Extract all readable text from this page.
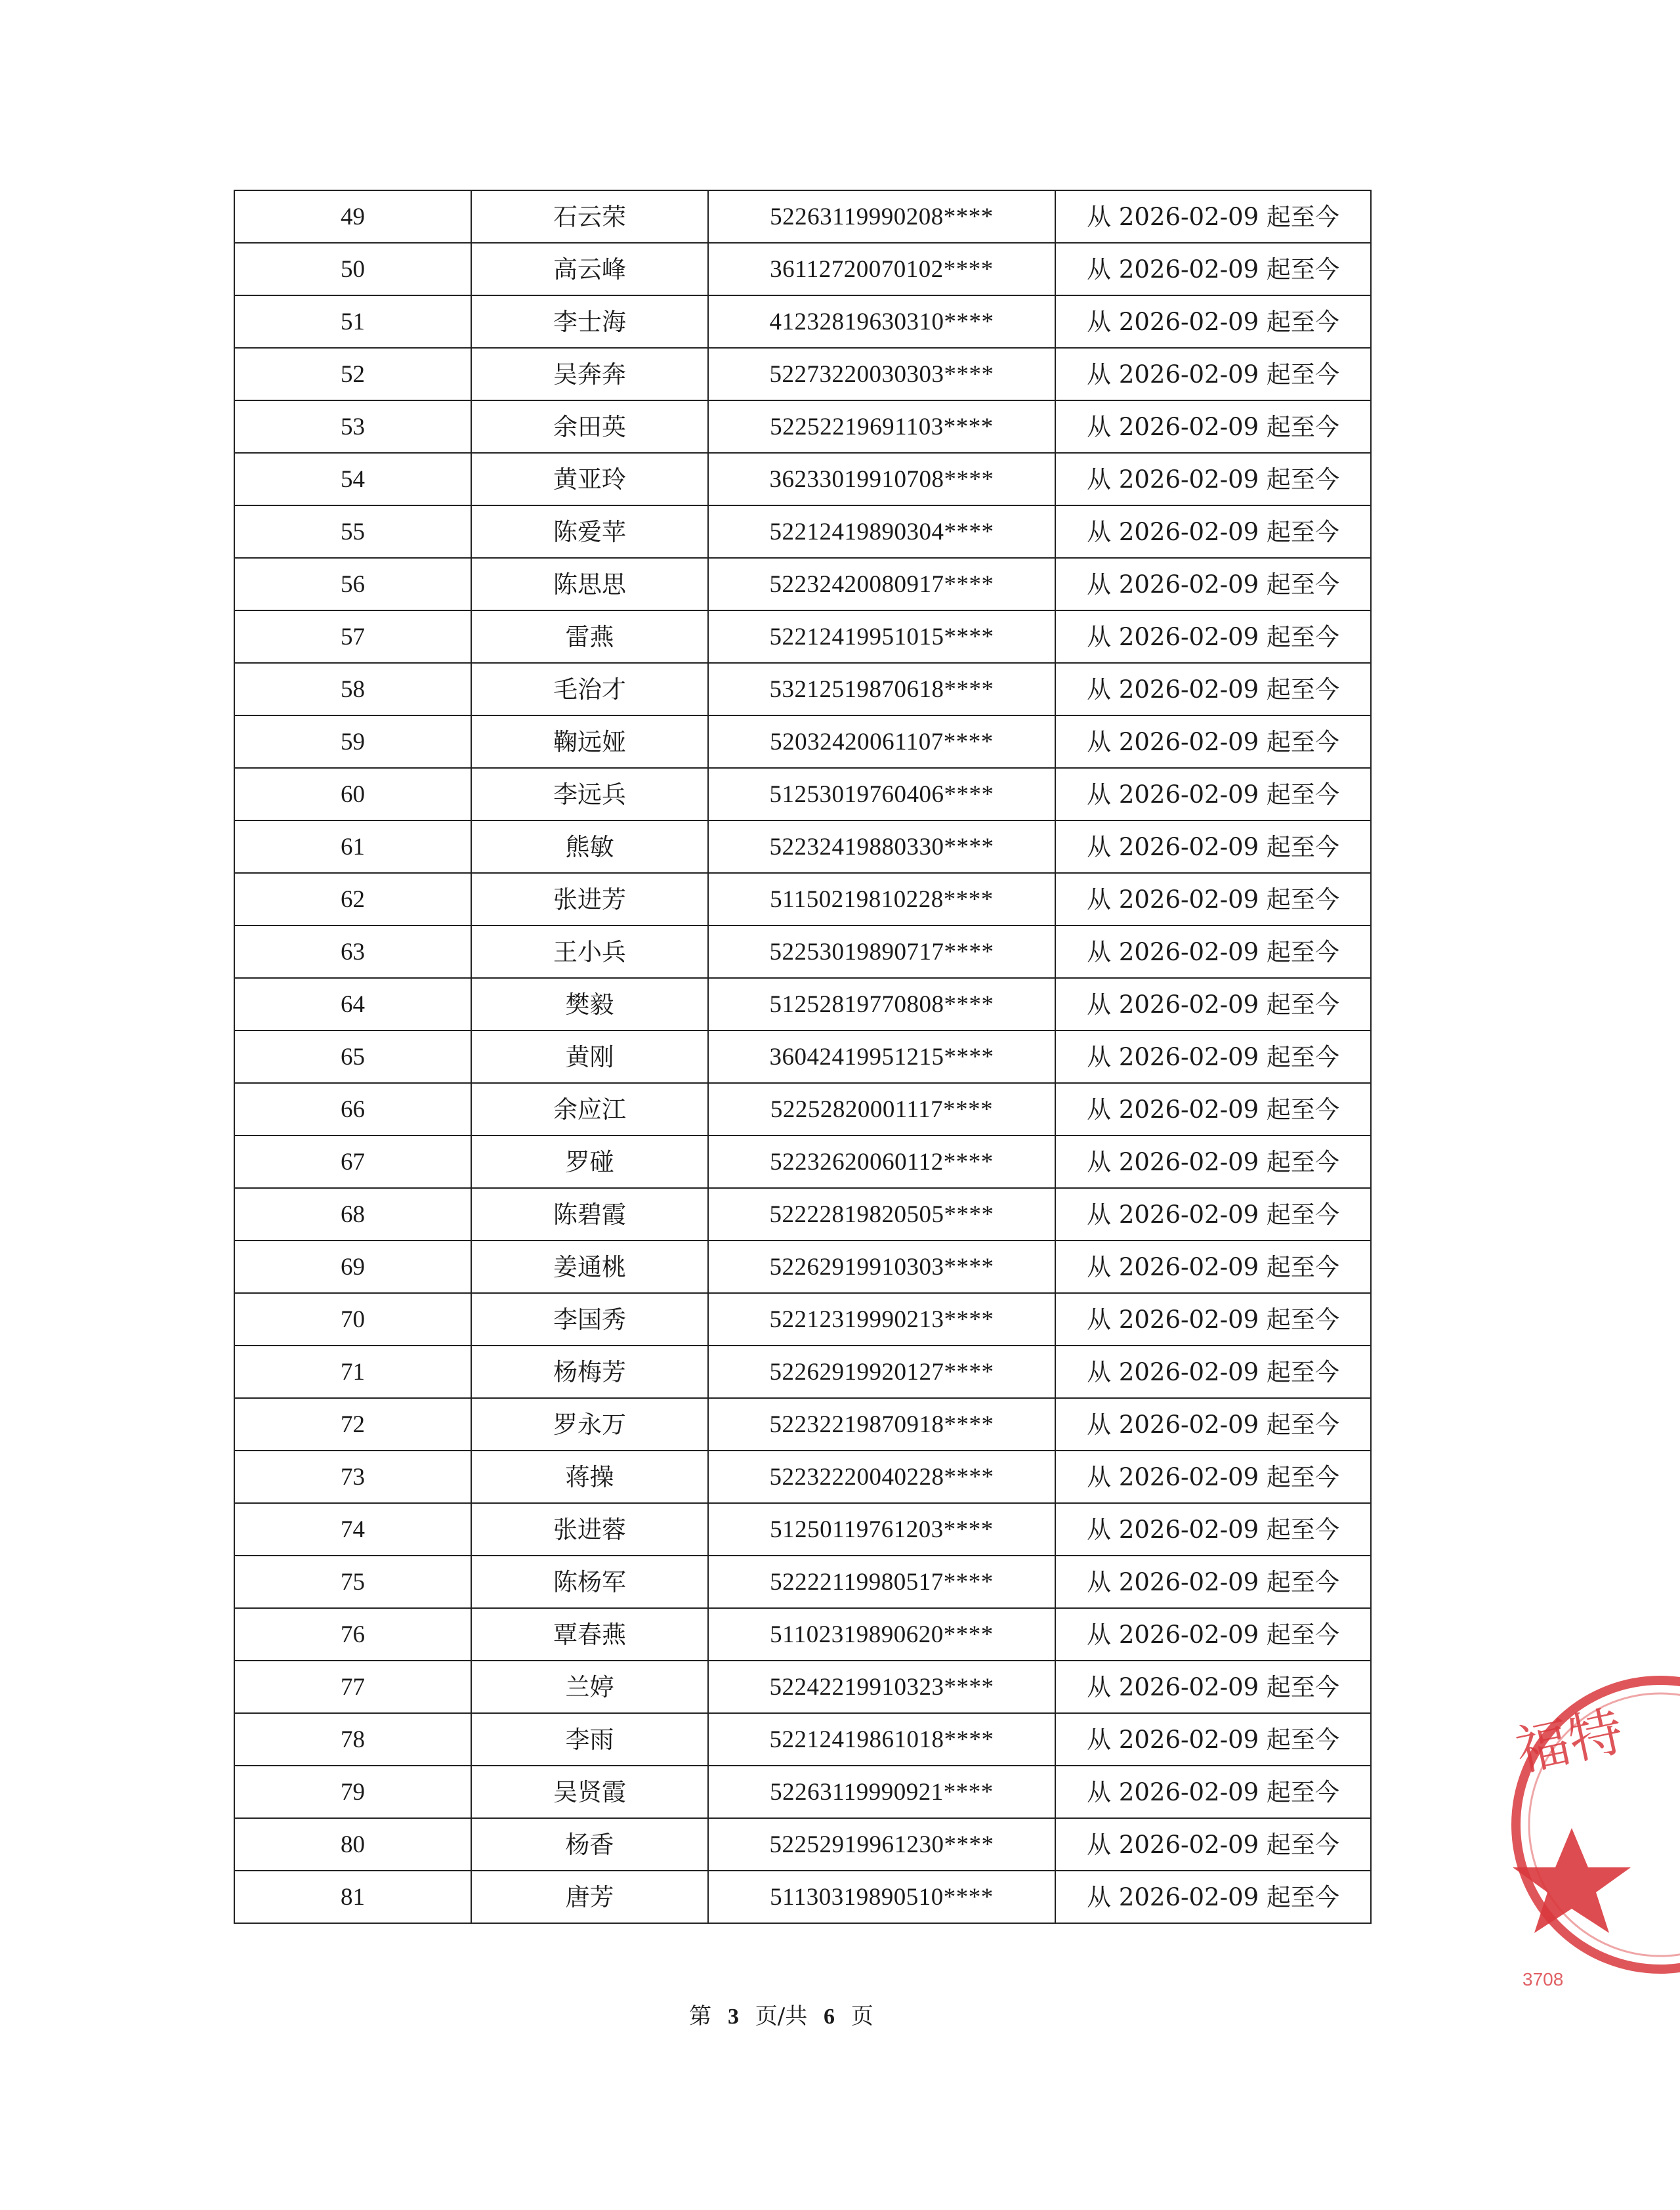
49	石云荣	52263119990208****	从 2026-02-09 起至今
50	高云峰	36112720070102****	从 2026-02-09 起至今
51	李士海	41232819630310****	从 2026-02-09 起至今
52	吴奔奔	52273220030303****	从 2026-02-09 起至今
53	余田英	52252219691103****	从 2026-02-09 起至今
54	黄亚玲	36233019910708****	从 2026-02-09 起至今
55	陈爱苹	52212419890304****	从 2026-02-09 起至今
56	陈思思	52232420080917****	从 2026-02-09 起至今
57	雷燕	52212419951015****	从 2026-02-09 起至今
58	毛治才	53212519870618****	从 2026-02-09 起至今
59	鞠远娅	52032420061107****	从 2026-02-09 起至今
60	李远兵	51253019760406****	从 2026-02-09 起至今
61	熊敏	52232419880330****	从 2026-02-09 起至今
62	张进芳	51150219810228****	从 2026-02-09 起至今
63	王小兵	52253019890717****	从 2026-02-09 起至今
64	樊毅	51252819770808****	从 2026-02-09 起至今
65	黄刚	36042419951215****	从 2026-02-09 起至今
66	余应江	52252820001117****	从 2026-02-09 起至今
67	罗碰	52232620060112****	从 2026-02-09 起至今
68	陈碧霞	52222819820505****	从 2026-02-09 起至今
69	姜通桃	52262919910303****	从 2026-02-09 起至今
70	李国秀	52212319990213****	从 2026-02-09 起至今
71	杨梅芳	52262919920127****	从 2026-02-09 起至今
72	罗永万	52232219870918****	从 2026-02-09 起至今
73	蒋操	52232220040228****	从 2026-02-09 起至今
74	张进蓉	51250119761203****	从 2026-02-09 起至今
75	陈杨军	52222119980517****	从 2026-02-09 起至今
76	覃春燕	51102319890620****	从 2026-02-09 起至今
77	兰婷	52242219910323****	从 2026-02-09 起至今
78	李雨	52212419861018****	从 2026-02-09 起至今
79	吴贤霞	52263119990921****	从 2026-02-09 起至今
80	杨香	52252919961230****	从 2026-02-09 起至今
81	唐芳	51130319890510****	从 2026-02-09 起至今
第 3 页/共 6 页
福特
3708
